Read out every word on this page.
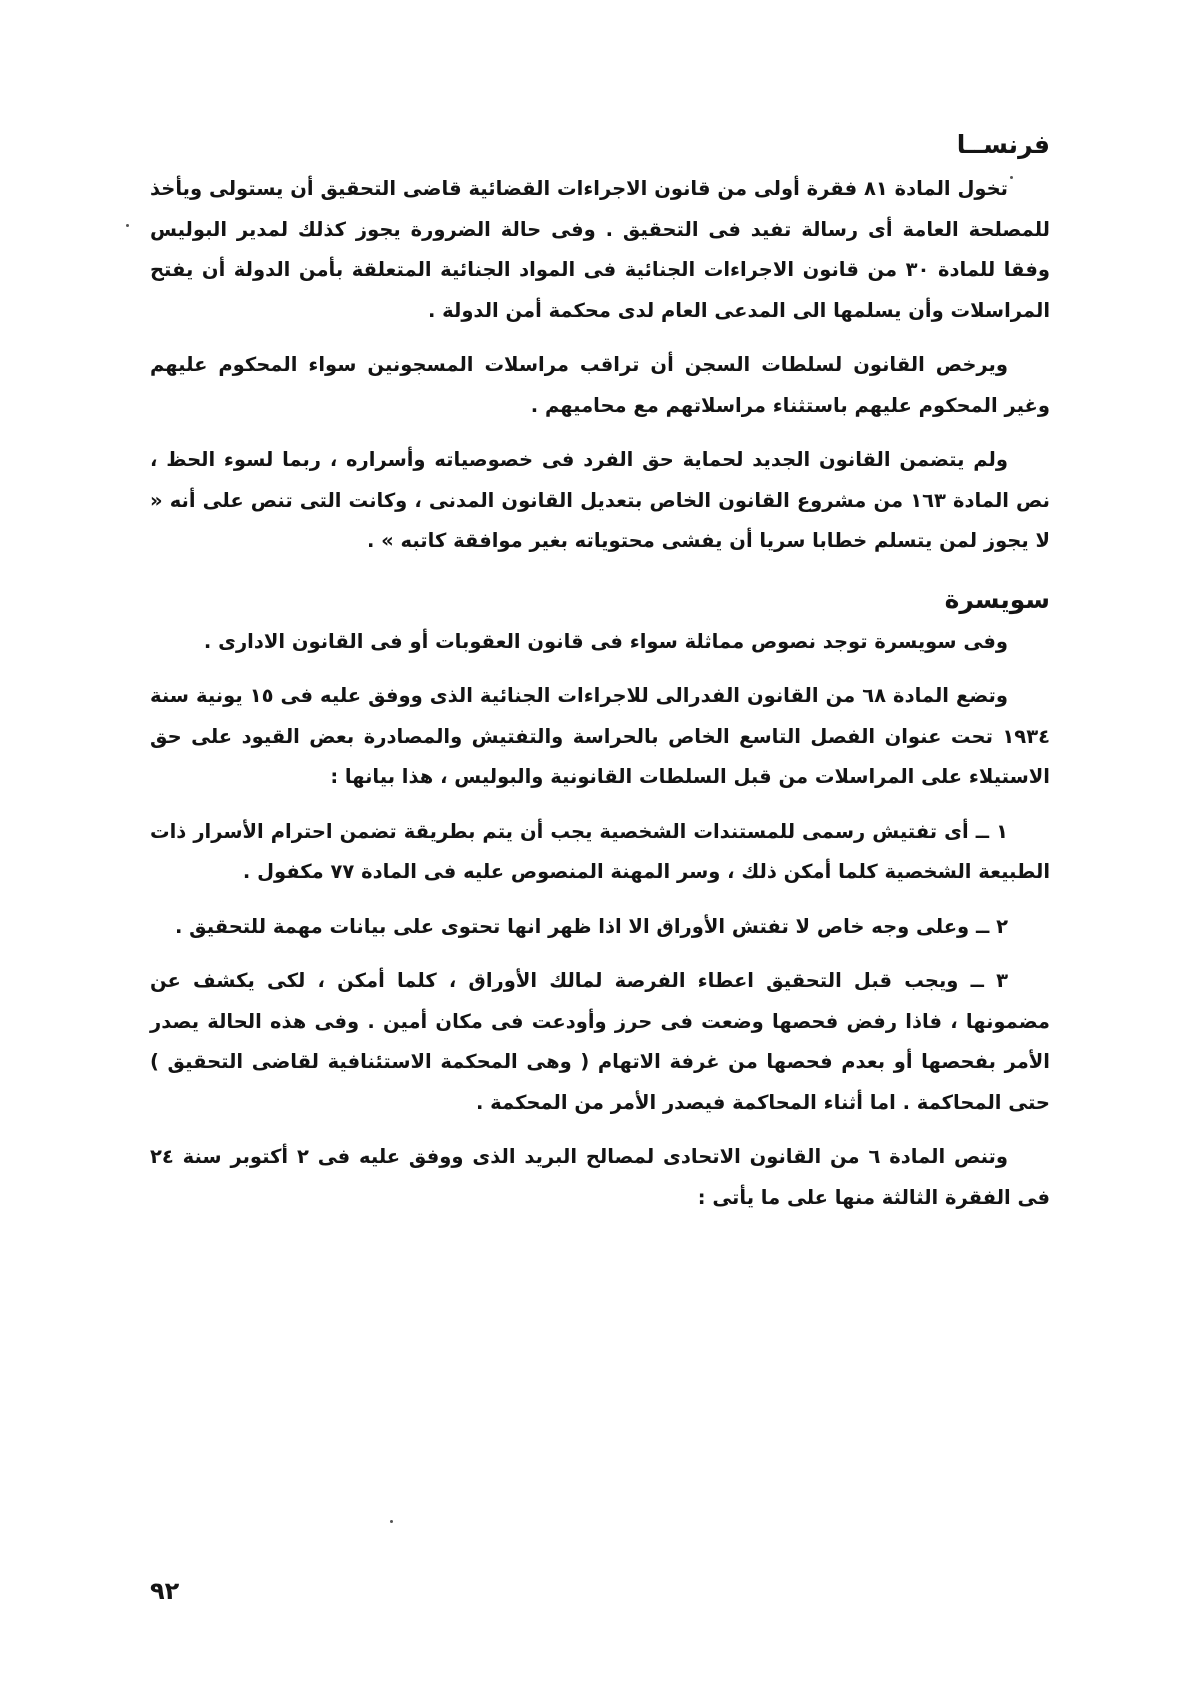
فرنســا

تخول المادة ٨١ فقرة أولى من قانون الاجراءات القضائية قاضى التحقيق أن يستولى ويأخذ للمصلحة العامة أى رسالة تفيد فى التحقيق . وفى حالة الضرورة يجوز كذلك لمدير البوليس وفقا للمادة ٣٠ من قانون الاجراءات الجنائية فى المواد الجنائية المتعلقة بأمن الدولة أن يفتح المراسلات وأن يسلمها الى المدعى العام لدى محكمة أمن الدولة .

ويرخص القانون لسلطات السجن أن تراقب مراسلات المسجونين سواء المحكوم عليهم وغير المحكوم عليهم باستثناء مراسلاتهم مع محاميهم .

ولم يتضمن القانون الجديد لحماية حق الفرد فى خصوصياته وأسراره ، ربما لسوء الحظ ، نص المادة ١٦٣ من مشروع القانون الخاص بتعديل القانون المدنى ، وكانت التى تنص على أنه « لا يجوز لمن يتسلم خطابا سريا أن يفشى محتوياته بغير موافقة كاتبه » .

سويسرة

وفى سويسرة توجد نصوص مماثلة سواء فى قانون العقوبات أو فى القانون الادارى .

وتضع المادة ٦٨ من القانون الفدرالى للاجراءات الجنائية الذى ووفق عليه فى ١٥ يونية سنة ١٩٣٤ تحت عنوان الفصل التاسع الخاص بالحراسة والتفتيش والمصادرة بعض القيود على حق الاستيلاء على المراسلات من قبل السلطات القانونية والبوليس ، هذا بيانها :

١ ــ أى تفتيش رسمى للمستندات الشخصية يجب أن يتم بطريقة تضمن احترام الأسرار ذات الطبيعة الشخصية كلما أمكن ذلك ، وسر المهنة المنصوص عليه فى المادة ٧٧ مكفول .

٢ ــ وعلى وجه خاص لا تفتش الأوراق الا اذا ظهر انها تحتوى على بيانات مهمة للتحقيق .

٣ ــ ويجب قبل التحقيق اعطاء الفرصة لمالك الأوراق ، كلما أمكن ، لكى يكشف عن مضمونها ، فاذا رفض فحصها وضعت فى حرز وأودعت فى مكان أمين . وفى هذه الحالة يصدر الأمر بفحصها أو بعدم فحصها من غرفة الاتهام ( وهى المحكمة الاستئنافية لقاضى التحقيق ) حتى المحاكمة . اما أثناء المحاكمة فيصدر الأمر من المحكمة .

وتنص المادة ٦ من القانون الاتحادى لمصالح البريد الذى ووفق عليه فى ٢ أكتوبر سنة ٢٤ فى الفقرة الثالثة منها على ما يأتى :

٩٢
